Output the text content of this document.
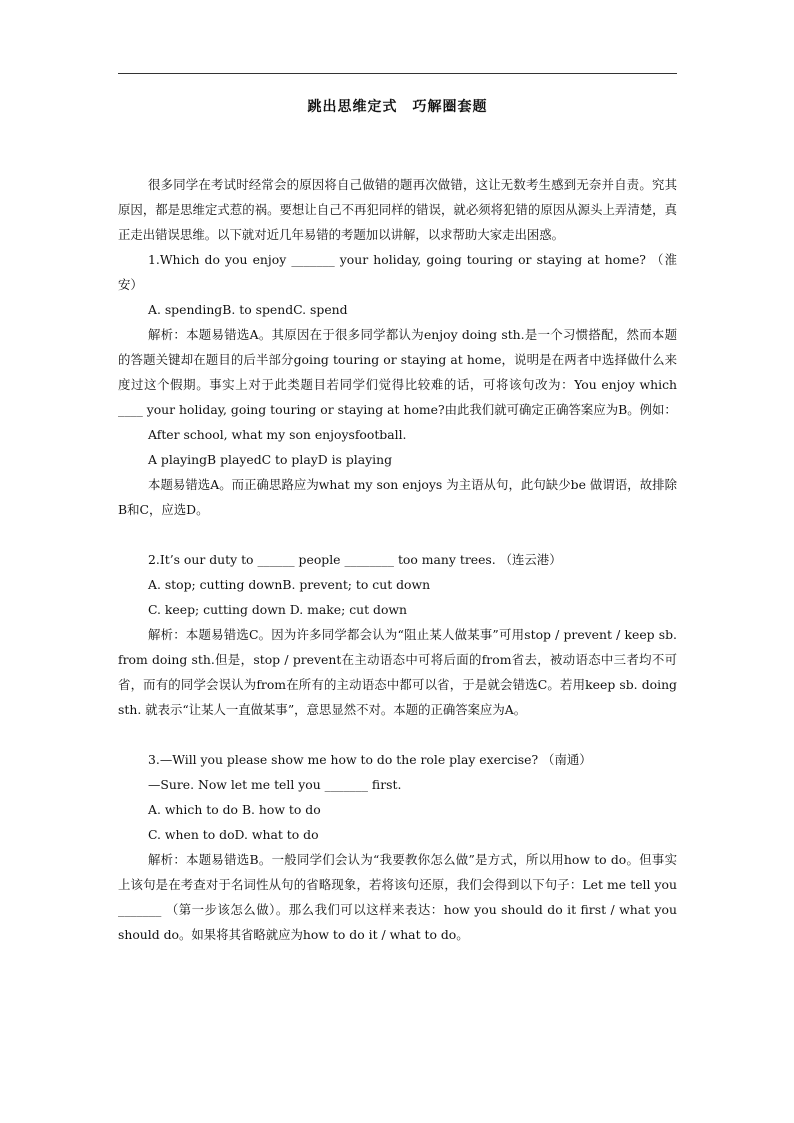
跳出思维定式　巧解圈套题

很多同学在考试时经常会的原因将自己做错的题再次做错，这让无数考生感到无奈并自责。究其原因，都是思维定式惹的祸。要想让自己不再犯同样的错误，就必须将犯错的原因从源头上弄清楚，真正走出错误思维。以下就对近几年易错的考题加以讲解，以求帮助大家走出困惑。

1.Which do you enjoy _______ your holiday, going touring or staying at home? （淮安）

A. spendingB. to spendC. spend

解析：本题易错选A。其原因在于很多同学都认为enjoy doing sth.是一个习惯搭配，然而本题的答题关键却在题目的后半部分going touring or staying at home，说明是在两者中选择做什么来度过这个假期。事实上对于此类题目若同学们觉得比较难的话，可将该句改为：You enjoy which ____ your holiday, going touring or staying at home?由此我们就可确定正确答案应为B。例如：

After school, what my son enjoysfootball.

A playingB playedC to playD is playing

本题易错选A。而正确思路应为what my son enjoys 为主语从句，此句缺少be 做谓语，故排除B和C，应选D。

2.It’s our duty to ______ people ________ too many trees. （连云港）

A. stop; cutting downB. prevent; to cut down

C. keep; cutting down D. make; cut down

解析：本题易错选C。因为许多同学都会认为“阻止某人做某事”可用stop / prevent / keep sb. from doing sth.但是，stop / prevent在主动语态中可将后面的from省去，被动语态中三者均不可省，而有的同学会误认为from在所有的主动语态中都可以省，于是就会错选C。若用keep sb. doing sth. 就表示“让某人一直做某事”，意思显然不对。本题的正确答案应为A。

3.—Will you please show me how to do the role play exercise? （南通）

—Sure. Now let me tell you _______ first.

A. which to do B. how to do

C. when to doD. what to do

解析：本题易错选B。一般同学们会认为“我要教你怎么做”是方式，所以用how to do。但事实上该句是在考查对于名词性从句的省略现象，若将该句还原，我们会得到以下句子：Let me tell you _______ （第一步该怎么做）。那么我们可以这样来表达：how you should do it first / what you should do。如果将其省略就应为how to do it / what to do。
